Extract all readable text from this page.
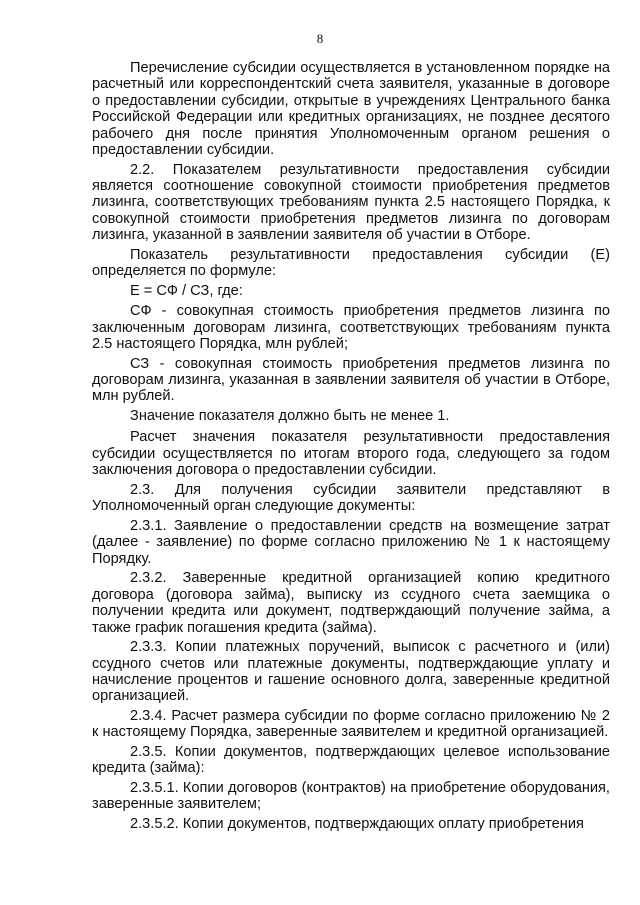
8

Перечисление субсидии осуществляется в установленном порядке на расчетный или корреспондентский счета заявителя, указанные в договоре о предоставлении субсидии, открытые в учреждениях Центрального банка Российской Федерации или кредитных организациях, не позднее десятого рабочего дня после принятия Уполномоченным органом решения о предоставлении субсидии.

2.2. Показателем результативности предоставления субсидии является соотношение совокупной стоимости приобретения предметов лизинга, соответствующих требованиям пункта 2.5 настоящего Порядка, к совокупной стоимости приобретения предметов лизинга по договорам лизинга, указанной в заявлении заявителя об участии в Отборе.

Показатель результативности предоставления субсидии (E) определяется по формуле:

E = СФ / СЗ, где:

СФ - совокупная стоимость приобретения предметов лизинга по заключенным договорам лизинга, соответствующих требованиям пункта 2.5 настоящего Порядка, млн рублей;

СЗ - совокупная стоимость приобретения предметов лизинга по договорам лизинга, указанная в заявлении заявителя об участии в Отборе, млн рублей.

Значение показателя должно быть не менее 1.

Расчет значения показателя результативности предоставления субсидии осуществляется по итогам второго года, следующего за годом заключения договора о предоставлении субсидии.

2.3. Для получения субсидии заявители представляют в Уполномоченный орган следующие документы:

2.3.1. Заявление о предоставлении средств на возмещение затрат (далее - заявление) по форме согласно приложению № 1 к настоящему Порядку.

2.3.2. Заверенные кредитной организацией копию кредитного договора (договора займа), выписку из ссудного счета заемщика о получении кредита или документ, подтверждающий получение займа, а также график погашения кредита (займа).

2.3.3. Копии платежных поручений, выписок с расчетного и (или) ссудного счетов или платежные документы, подтверждающие уплату и начисление процентов и гашение основного долга, заверенные кредитной организацией.

2.3.4. Расчет размера субсидии по форме согласно приложению № 2 к настоящему Порядка, заверенные заявителем и кредитной организацией.

2.3.5. Копии документов, подтверждающих целевое использование кредита (займа):

2.3.5.1. Копии договоров (контрактов) на приобретение оборудования, заверенные заявителем;

2.3.5.2. Копии документов, подтверждающих оплату приобретения
